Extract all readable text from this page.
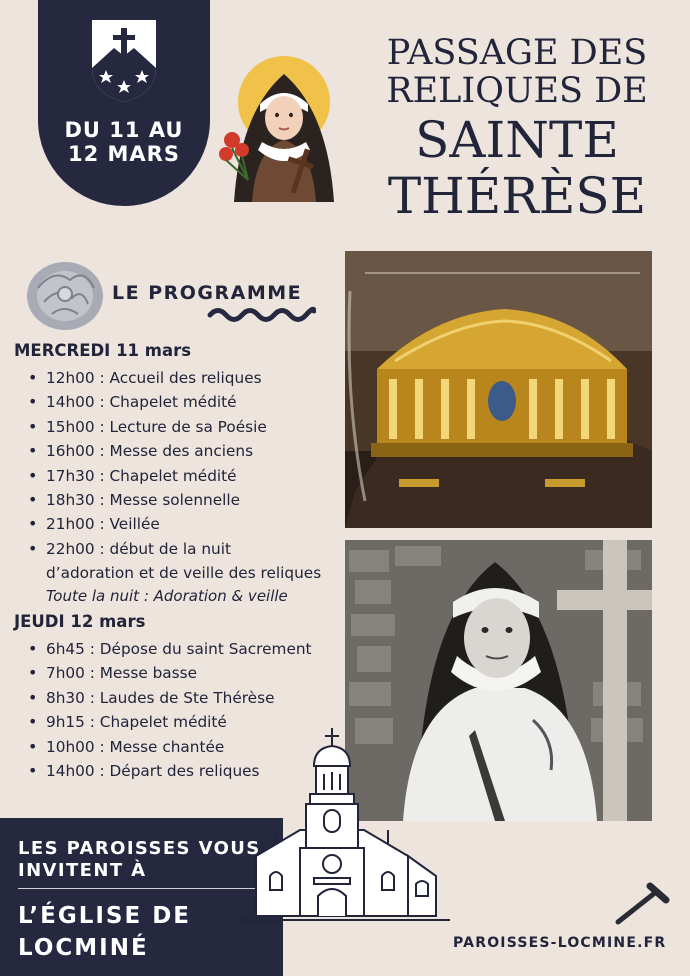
DU 11 AU
12 MARS
PASSAGE DES
RELIQUES DE
SAINTE
THÉRÈSE
LE PROGRAMME
MERCREDI 11 mars
• 12h00 : Accueil des reliques
• 14h00 : Chapelet médité
• 15h00 : Lecture de sa Poésie
• 16h00 : Messe des anciens
• 17h30 : Chapelet médité
• 18h30 : Messe solennelle
• 21h00 : Veillée
• 22h00 : début de la nuit
d’adoration et de veille des reliques
Toute la nuit : Adoration & veille
JEUDI 12 mars
• 6h45 : Dépose du saint Sacrement
• 7h00 : Messe basse
• 8h30 : Laudes de Ste Thérèse
• 9h15 : Chapelet médité
• 10h00 : Messe chantée
• 14h00 : Départ des reliques
LES PAROISSES VOUS
INVITENT À
L’ÉGLISE DE
LOCMINÉ	PAROISSES-LOCMINE.FR
